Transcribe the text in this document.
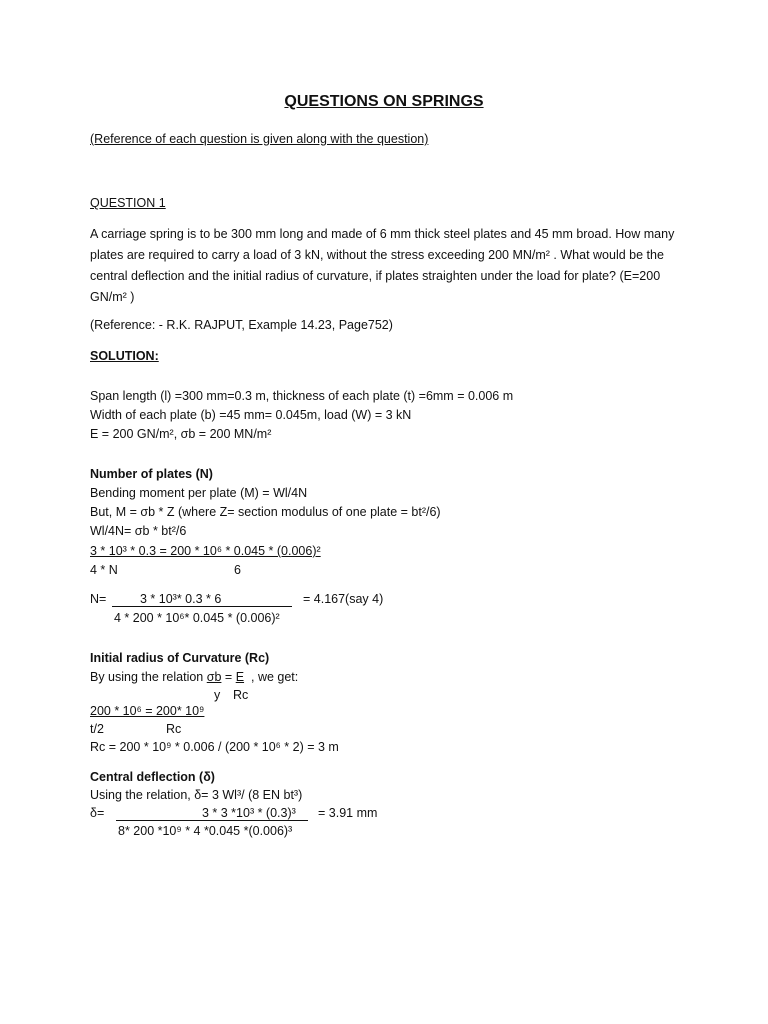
QUESTIONS ON SPRINGS
(Reference of each question is given along with the question)
QUESTION 1
A carriage spring is to be 300 mm long and made of 6 mm thick steel plates and 45 mm broad. How many plates are required to carry a load of 3 kN, without the stress exceeding 200 MN/m² . What would be the central deflection and the initial radius of curvature, if plates straighten under the load for plate? (E=200 GN/m² )
(Reference: - R.K. RAJPUT, Example 14.23, Page752)
SOLUTION:
Span length (l) =300 mm=0.3 m, thickness of each plate (t) =6mm = 0.006 m
Width of each plate (b) =45 mm= 0.045m, load (W) = 3 kN
E = 200 GN/m², σb = 200 MN/m²
Number of plates (N)
Bending moment per plate (M) = Wl/4N
But, M = σb * Z (where Z= section modulus of one plate = bt²/6)
Wl/4N= σb * bt²/6
3 * 10³ * 0.3 = 200 * 10⁶ * 0.045 * (0.006)²
4 * N	6
N=	3 * 10³* 0.3 * 6	= 4.167(say 4)
4 * 200 * 10⁶* 0.045 * (0.006)²
Initial radius of Curvature (Rc)
By using the relation σb = E , we get:
y Rc
200 * 10⁶ = 200* 10⁹
t/2	Rc
Rc = 200 * 10⁹ * 0.006 / (200 * 10⁶ * 2) = 3 m
Central deflection (δ)
Using the relation, δ= 3 Wl³/ (8 EN bt³)
δ=	3 * 3 *10³ * (0.3)³ = 3.91 mm
8* 200 *10⁹ * 4 *0.045 *(0.006)³
